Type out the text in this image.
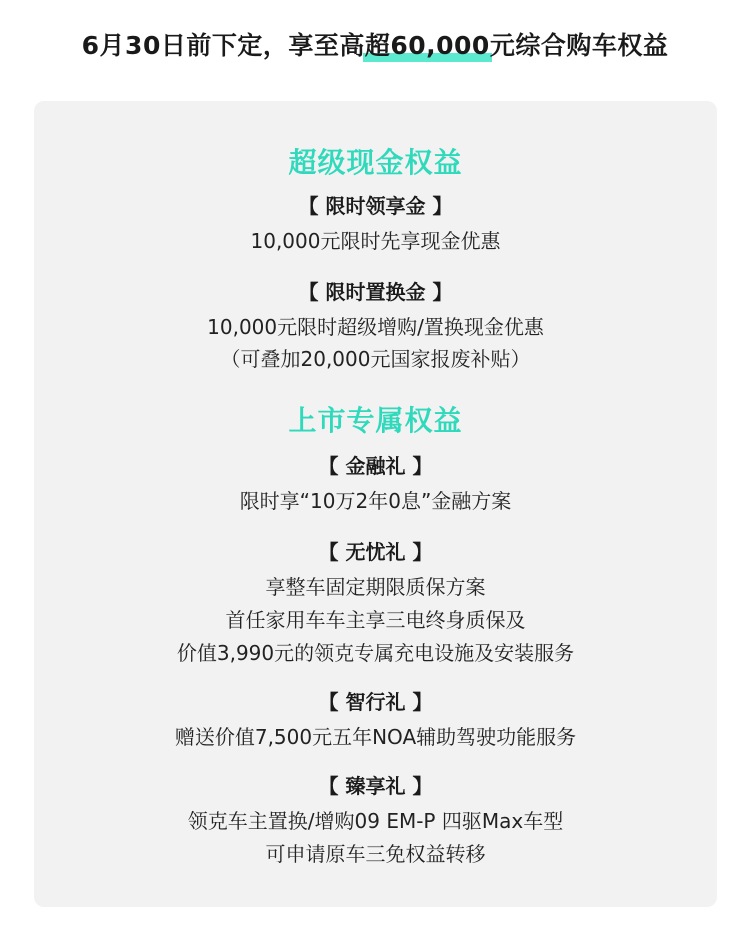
6月30日前下定，享至高超60,000元综合购车权益
超级现金权益
【 限时领享金 】
10,000元限时先享现金优惠
【 限时置换金 】
10,000元限时超级增购/置换现金优惠
（可叠加20,000元国家报废补贴）
上市专属权益
【 金融礼 】
限时享“10万2年0息”金融方案
【 无忧礼 】
享整车固定期限质保方案
首任家用车车主享三电终身质保及
价值3,990元的领克专属充电设施及安装服务
【 智行礼 】
赠送价值7,500元五年NOA辅助驾驶功能服务
【 臻享礼 】
领克车主置换/增购09 EM-P 四驱Max车型
可申请原车三免权益转移
